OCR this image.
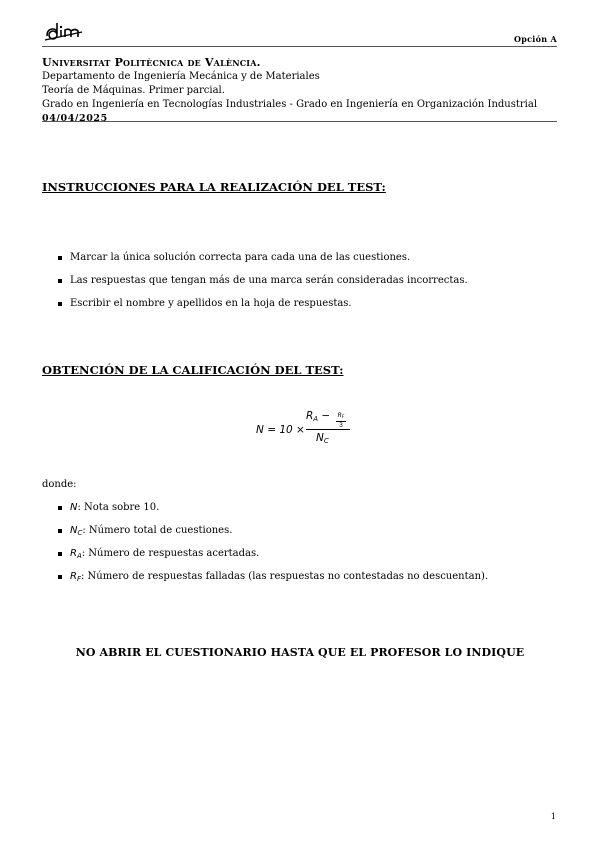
Opción A
Universitat Politècnica de València.
Departamento de Ingeniería Mecánica y de Materiales
Teoría de Máquinas. Primer parcial.
Grado en Ingeniería en Tecnologías Industriales - Grado en Ingeniería en Organización Industrial
04/04/2025
INSTRUCCIONES PARA LA REALIZACIÓN DEL TEST:
Marcar la única solución correcta para cada una de las cuestiones.
Las respuestas que tengan más de una marca serán consideradas incorrectas.
Escribir el nombre y apellidos en la hoja de respuestas.
OBTENCIÓN DE LA CALIFICACIÓN DEL TEST:
N = 10 ×
$R_A - R_F$
3
$N_C$
donde:
N: Nota sobre 10.
$N_C$: Número total de cuestiones.
$R_A$: Número de respuestas acertadas.
$R_F$: Número de respuestas falladas (las respuestas no contestadas no descuentan).
NO ABRIR EL CUESTIONARIO HASTA QUE EL PROFESOR LO INDIQUE
1
